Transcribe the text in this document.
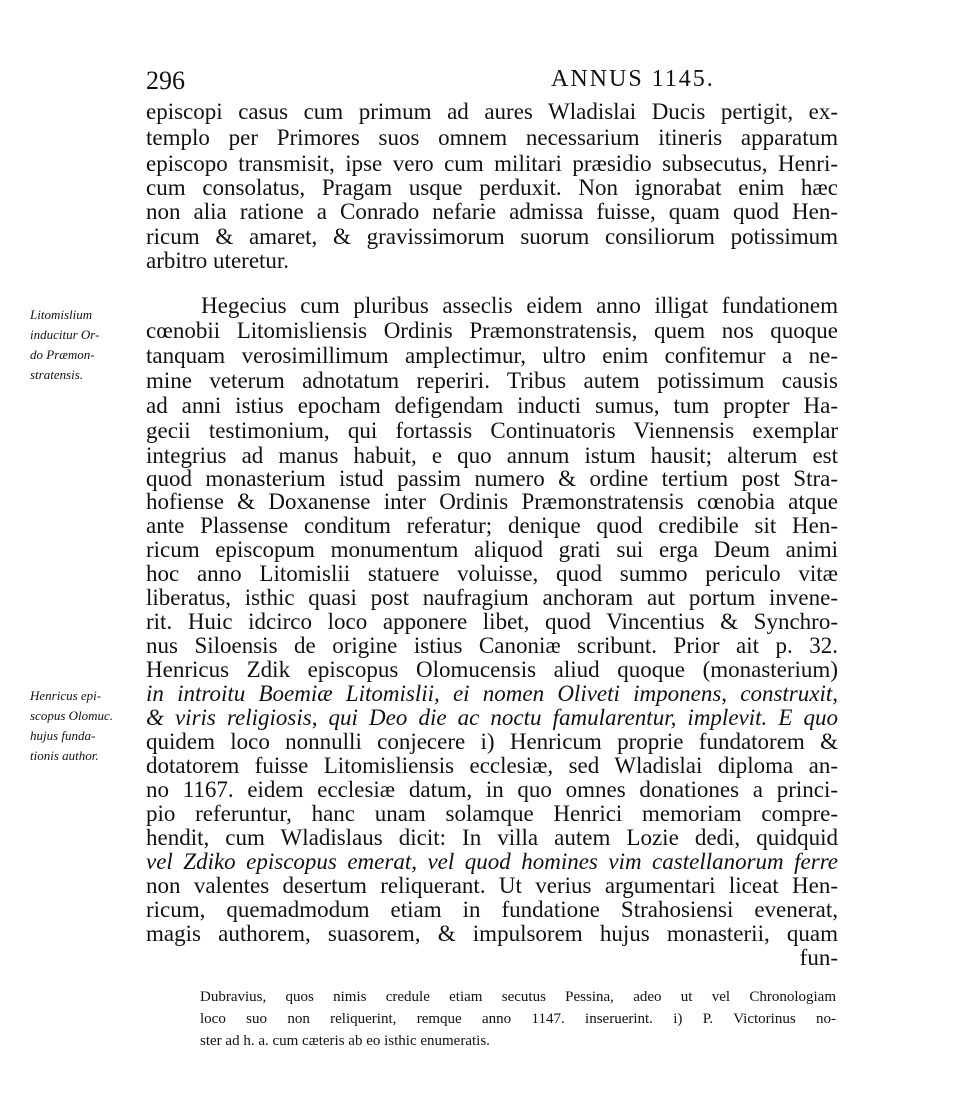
296	ANNUS 1145.
episcopi casus cum primum ad aures Wladislai Ducis pertigit, ex-
templo per Primores suos omnem necessarium itineris apparatum
episcopo transmisit, ipse vero cum militari præsidio subsecutus, Henri-
cum consolatus, Pragam usque perduxit. Non ignorabat enim hæc
non alia ratione a Conrado nefarie admissa fuisse, quam quod Hen-
ricum & amaret, & gravissimorum suorum consiliorum potissimum
arbitro uteretur.
Litomislium
inducitur Or-
do Præmon-
stratensis.
Hegecius cum pluribus asseclis eidem anno illigat fundationem
cœnobii Litomisliensis Ordinis Præmonstratensis, quem nos quoque
tanquam verosimillimum amplectimur, ultro enim confitemur a ne-
mine veterum adnotatum reperiri. Tribus autem potissimum causis
ad anni istius epocham defigendam inducti sumus, tum propter Ha-
gecii testimonium, qui fortassis Continuatoris Viennensis exemplar
integrius ad manus habuit, e quo annum istum hausit; alterum est
quod monasterium istud passim numero & ordine tertium post Stra-
hofiense & Doxanense inter Ordinis Præmonstratensis cœnobia atque
ante Plassense conditum referatur; denique quod credibile sit Hen-
ricum episcopum monumentum aliquod grati sui erga Deum animi
hoc anno Litomislii statuere voluisse, quod summo periculo vitæ
liberatus, isthic quasi post naufragium anchoram aut portum invene-
rit. Huic idcirco loco apponere libet, quod Vincentius & Synchro-
nus Siloensis de origine istius Canoniæ scribunt. Prior ait p. 32.
Henricus Zdik episcopus Olomucensis aliud quoque (monasterium)
in introitu Boemiæ Litomislii, ei nomen Oliveti imponens, construxit,
& viris religiosis, qui Deo die ac noctu famularentur, implevit. E quo
quidem loco nonnulli conjecere i) Henricum proprie fundatorem &
dotatorem fuisse Litomisliensis ecclesiæ, sed Wladislai diploma an-
no 1167. eidem ecclesiæ datum, in quo omnes donationes a princi-
pio referuntur, hanc unam solamque Henrici memoriam compre-
hendit, cum Wladislaus dicit: In villa autem Lozie dedi, quidquid
vel Zdiko episcopus emerat, vel quod homines vim castellanorum ferre
non valentes desertum reliquerant. Ut verius argumentari liceat Hen-
ricum, quemadmodum etiam in fundatione Strahosiensi evenerat,
magis authorem, suasorem, & impulsorem hujus monasterii, quam
fun-
Henricus epi-
scopus Olomuc.
hujus funda-
tionis author.
Dubravius, quos nimis credule etiam secutus Pessina, adeo ut vel Chronologiam
loco suo non reliquerint, remque anno 1147. inseruerint. i) P. Victorinus no-
ster ad h. a. cum cæteris ab eo isthic enumeratis.
